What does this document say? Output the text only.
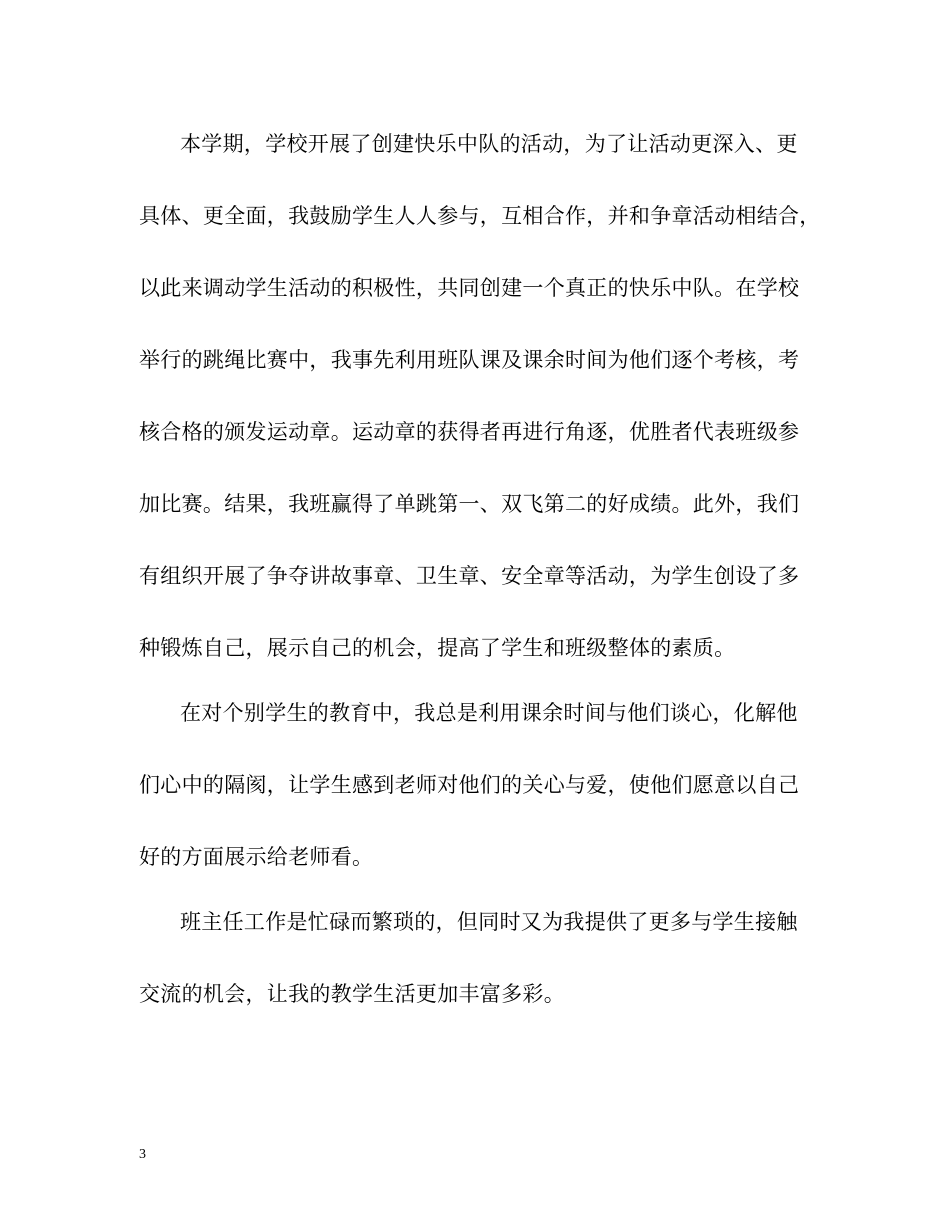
本学期，学校开展了创建快乐中队的活动，为了让活动更深入、更

具体、更全面，我鼓励学生人人参与，互相合作，并和争章活动相结合，

以此来调动学生活动的积极性，共同创建一个真正的快乐中队。在学校

举行的跳绳比赛中，我事先利用班队课及课余时间为他们逐个考核，考

核合格的颁发运动章。运动章的获得者再进行角逐，优胜者代表班级参

加比赛。结果，我班赢得了单跳第一、双飞第二的好成绩。此外，我们

有组织开展了争夺讲故事章、卫生章、安全章等活动，为学生创设了多

种锻炼自己，展示自己的机会，提高了学生和班级整体的素质。

在对个别学生的教育中，我总是利用课余时间与他们谈心，化解他

们心中的隔阂，让学生感到老师对他们的关心与爱，使他们愿意以自己

好的方面展示给老师看。

班主任工作是忙碌而繁琐的，但同时又为我提供了更多与学生接触

交流的机会，让我的教学生活更加丰富多彩。

3
